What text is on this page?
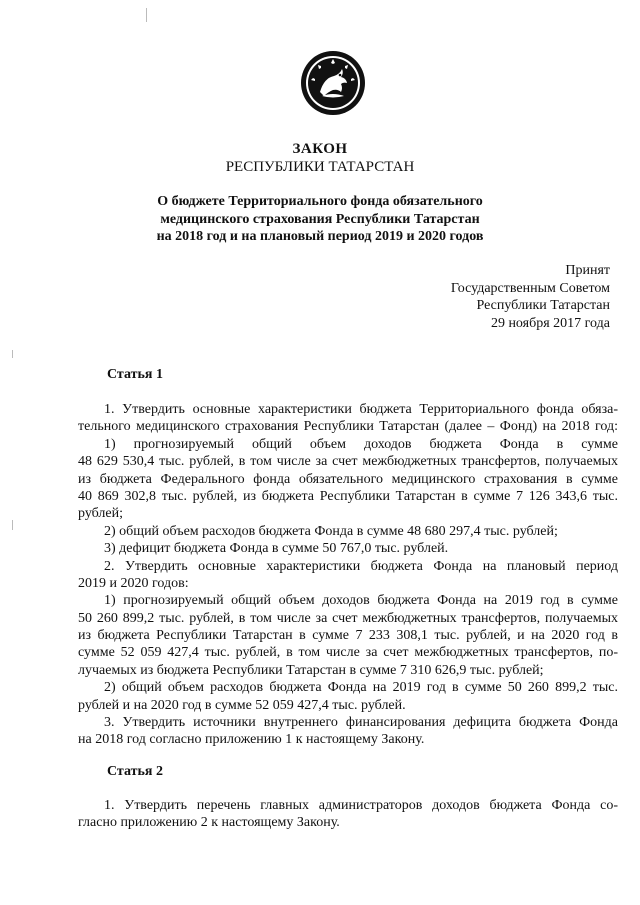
ЗАКОН
РЕСПУБЛИКИ ТАТАРСТАН
О бюджете Территориального фонда обязательного
медицинского страхования Республики Татарстан
на 2018 год и на плановый период 2019 и 2020 годов
Принят
Государственным Советом
Республики Татарстан
29 ноября 2017 года
Статья 1
1. Утвердить основные характеристики бюджета Территориального фонда обяза-
тельного медицинского страхования Республики Татарстан (далее – Фонд) на 2018 год:
1) прогнозируемый общий объем доходов бюджета Фонда в сумме
48 629 530,4 тыс. рублей, в том числе за счет межбюджетных трансфертов, получаемых
из бюджета Федерального фонда обязательного медицинского страхования в сумме
40 869 302,8 тыс. рублей, из бюджета Республики Татарстан в сумме 7 126 343,6 тыс.
рублей;
2) общий объем расходов бюджета Фонда в сумме 48 680 297,4 тыс. рублей;
3) дефицит бюджета Фонда в сумме 50 767,0 тыс. рублей.
2. Утвердить основные характеристики бюджета Фонда на плановый период
2019 и 2020 годов:
1) прогнозируемый общий объем доходов бюджета Фонда на 2019 год в сумме
50 260 899,2 тыс. рублей, в том числе за счет межбюджетных трансфертов, получаемых
из бюджета Республики Татарстан в сумме 7 233 308,1 тыс. рублей, и на 2020 год в
сумме 52 059 427,4 тыс. рублей, в том числе за счет межбюджетных трансфертов, по-
лучаемых из бюджета Республики Татарстан в сумме 7 310 626,9 тыс. рублей;
2) общий объем расходов бюджета Фонда на 2019 год в сумме 50 260 899,2 тыс.
рублей и на 2020 год в сумме 52 059 427,4 тыс. рублей.
3. Утвердить источники внутреннего финансирования дефицита бюджета Фонда
на 2018 год согласно приложению 1 к настоящему Закону.
Статья 2
1. Утвердить перечень главных администраторов доходов бюджета Фонда со-
гласно приложению 2 к настоящему Закону.
